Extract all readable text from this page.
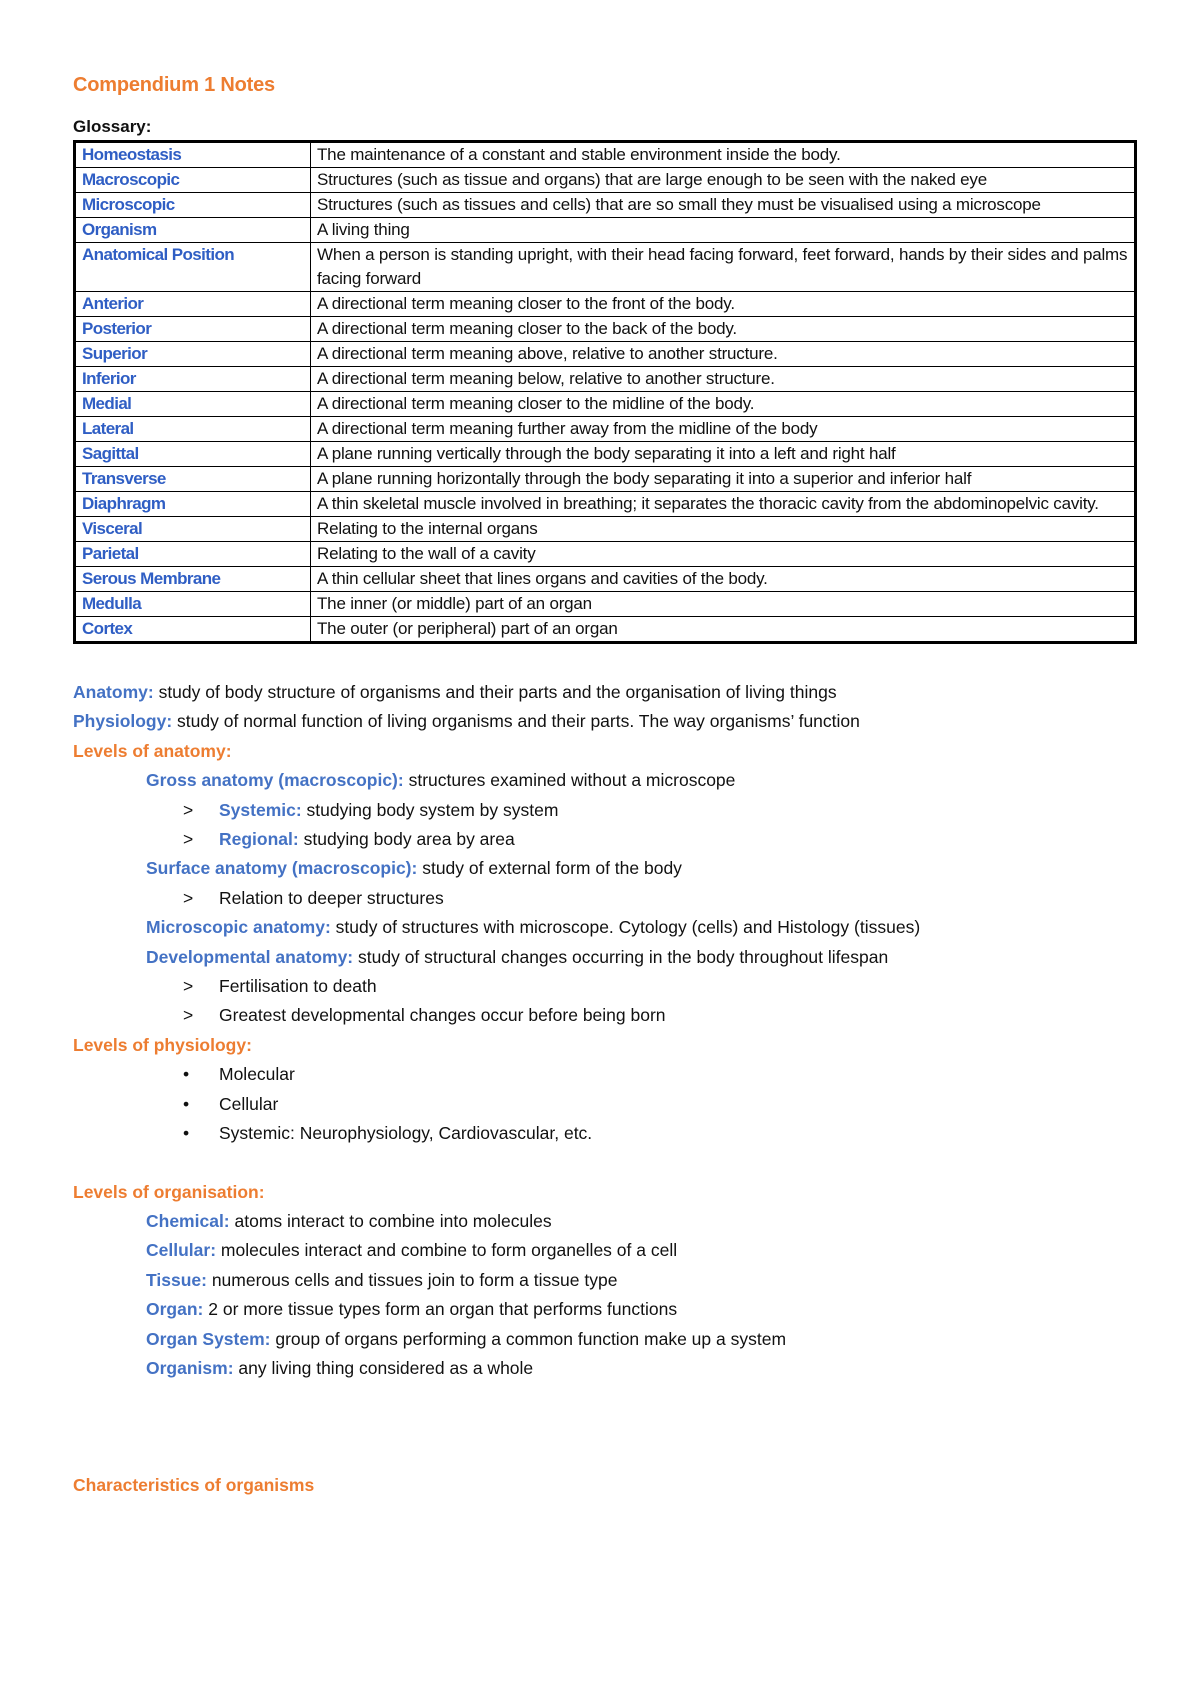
Compendium 1 Notes
Glossary:
Homeostasis	The maintenance of a constant and stable environment inside the body.
Macroscopic	Structures (such as tissue and organs) that are large enough to be seen with the naked eye
Microscopic	Structures (such as tissues and cells) that are so small they must be visualised using a microscope
Organism	A living thing
Anatomical Position	When a person is standing upright, with their head facing forward, feet forward, hands by their sides and palms facing forward
Anterior	A directional term meaning closer to the front of the body.
Posterior	A directional term meaning closer to the back of the body.
Superior	A directional term meaning above, relative to another structure.
Inferior	A directional term meaning below, relative to another structure.
Medial	A directional term meaning closer to the midline of the body.
Lateral	A directional term meaning further away from the midline of the body
Sagittal	A plane running vertically through the body separating it into a left and right half
Transverse	A plane running horizontally through the body separating it into a superior and inferior half
Diaphragm	A thin skeletal muscle involved in breathing; it separates the thoracic cavity from the abdominopelvic cavity.
Visceral	Relating to the internal organs
Parietal	Relating to the wall of a cavity
Serous Membrane	A thin cellular sheet that lines organs and cavities of the body.
Medulla	The inner (or middle) part of an organ
Cortex	The outer (or peripheral) part of an organ
Anatomy: study of body structure of organisms and their parts and the organisation of living things
Physiology: study of normal function of living organisms and their parts. The way organisms’ function
Levels of anatomy:
Gross anatomy (macroscopic): structures examined without a microscope
>	Systemic: studying body system by system
>	Regional: studying body area by area
Surface anatomy (macroscopic): study of external form of the body
>	Relation to deeper structures
Microscopic anatomy: study of structures with microscope. Cytology (cells) and Histology (tissues)
Developmental anatomy: study of structural changes occurring in the body throughout lifespan
>	Fertilisation to death
>	Greatest developmental changes occur before being born
Levels of physiology:
•	Molecular
•	Cellular
•	Systemic: Neurophysiology, Cardiovascular, etc.
Levels of organisation:
Chemical: atoms interact to combine into molecules
Cellular: molecules interact and combine to form organelles of a cell
Tissue: numerous cells and tissues join to form a tissue type
Organ: 2 or more tissue types form an organ that performs functions
Organ System: group of organs performing a common function make up a system
Organism: any living thing considered as a whole
Characteristics of organisms
